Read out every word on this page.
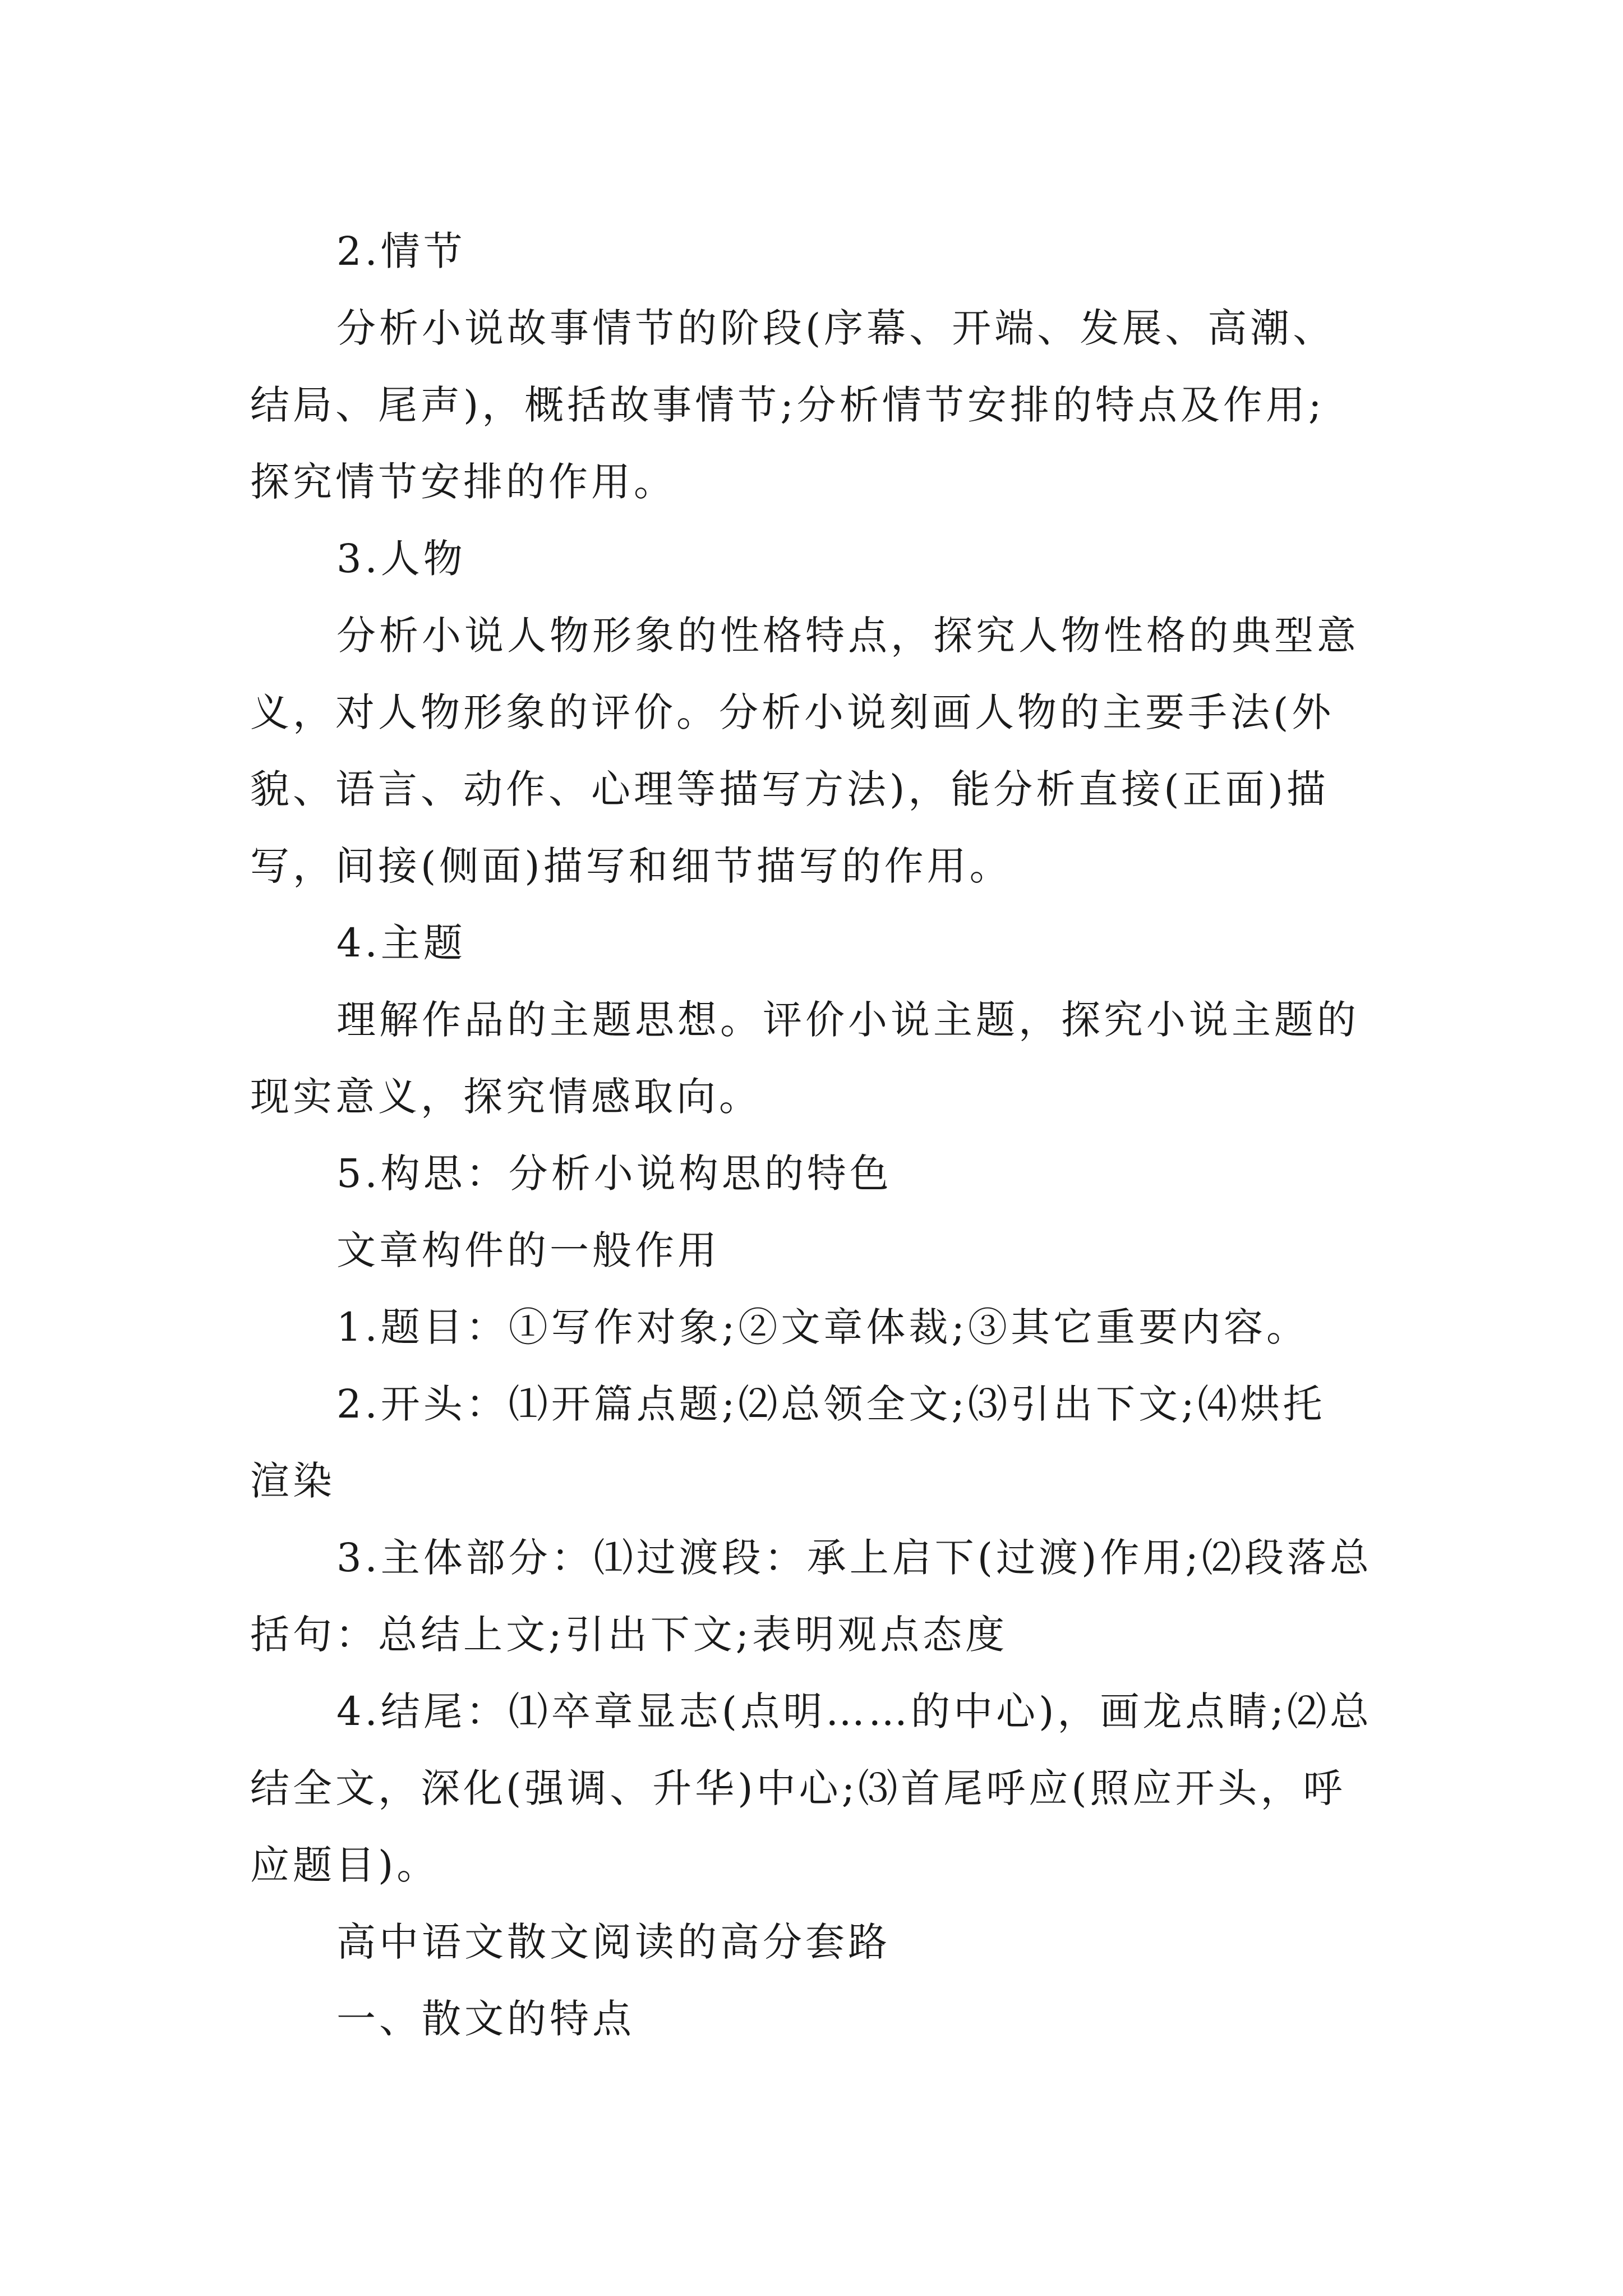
2.情节
分析小说故事情节的阶段(序幕、开端、发展、高潮、
结局、尾声)，概括故事情节;分析情节安排的特点及作用;
探究情节安排的作用。
3.人物
分析小说人物形象的性格特点，探究人物性格的典型意
义，对人物形象的评价。分析小说刻画人物的主要手法(外
貌、语言、动作、心理等描写方法)，能分析直接(正面)描
写，间接(侧面)描写和细节描写的作用。
4.主题
理解作品的主题思想。评价小说主题，探究小说主题的
现实意义，探究情感取向。
5.构思：分析小说构思的特色
文章构件的一般作用
1.题目：①写作对象;②文章体裁;③其它重要内容。
2.开头：⑴开篇点题;⑵总领全文;⑶引出下文;⑷烘托
渲染
3.主体部分：⑴过渡段：承上启下(过渡)作用;⑵段落总
括句：总结上文;引出下文;表明观点态度
4.结尾：⑴卒章显志(点明……的中心)，画龙点睛;⑵总
结全文，深化(强调、升华)中心;⑶首尾呼应(照应开头，呼
应题目)。
高中语文散文阅读的高分套路
一、散文的特点
